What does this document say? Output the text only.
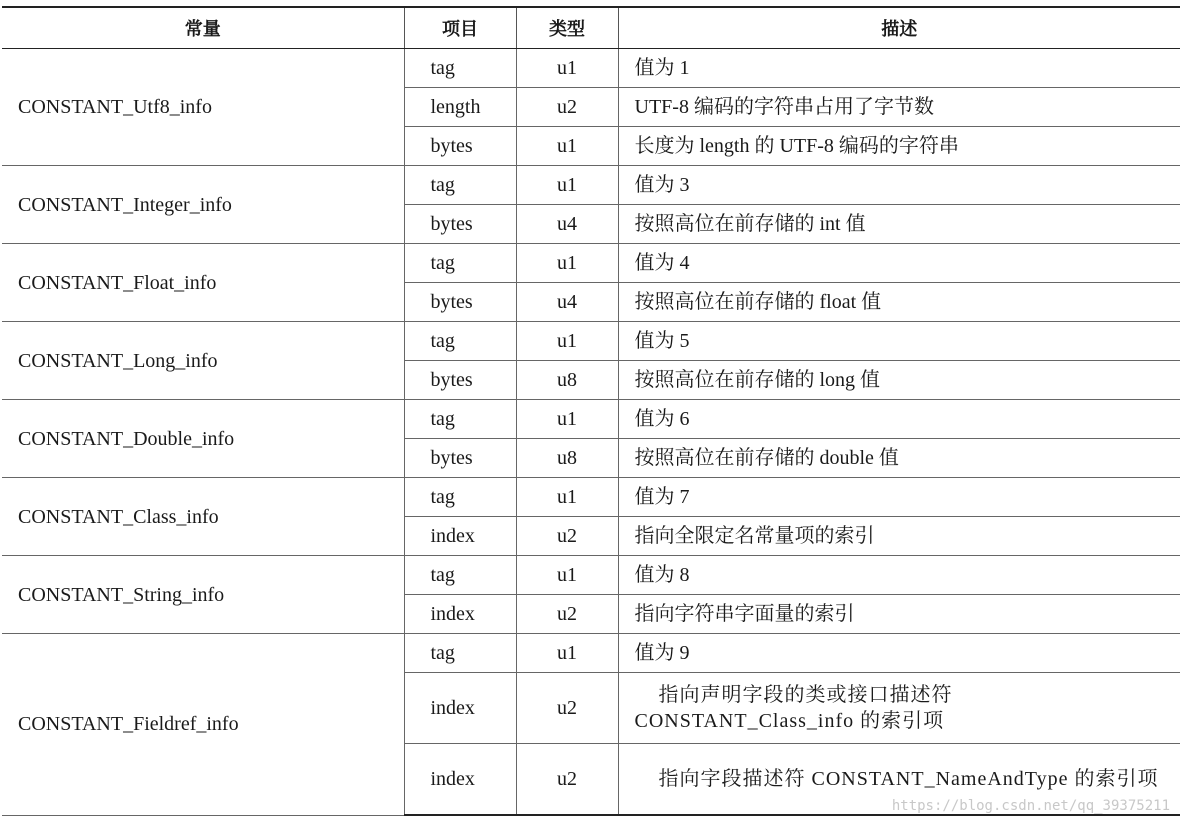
常量	项目	类型	描述
CONSTANT_Utf8_info	tag	u1	值为 1
	length	u2	UTF-8 编码的字符串占用了字节数
	bytes	u1	长度为 length 的 UTF-8 编码的字符串
CONSTANT_Integer_info	tag	u1	值为 3
	bytes	u4	按照高位在前存储的 int 值
CONSTANT_Float_info	tag	u1	值为 4
	bytes	u4	按照高位在前存储的 float 值
CONSTANT_Long_info	tag	u1	值为 5
	bytes	u8	按照高位在前存储的 long 值
CONSTANT_Double_info	tag	u1	值为 6
	bytes	u8	按照高位在前存储的 double 值
CONSTANT_Class_info	tag	u1	值为 7
	index	u2	指向全限定名常量项的索引
CONSTANT_String_info	tag	u1	值为 8
	index	u2	指向字符串字面量的索引
CONSTANT_Fieldref_info	tag	u1	值为 9
	index	u2	指向声明字段的类或接口描述符 CONSTANT_Class_info 的索引项
	index	u2	指向字段描述符 CONSTANT_NameAndType 的索引项
https://blog.csdn.net/qq_39375211
